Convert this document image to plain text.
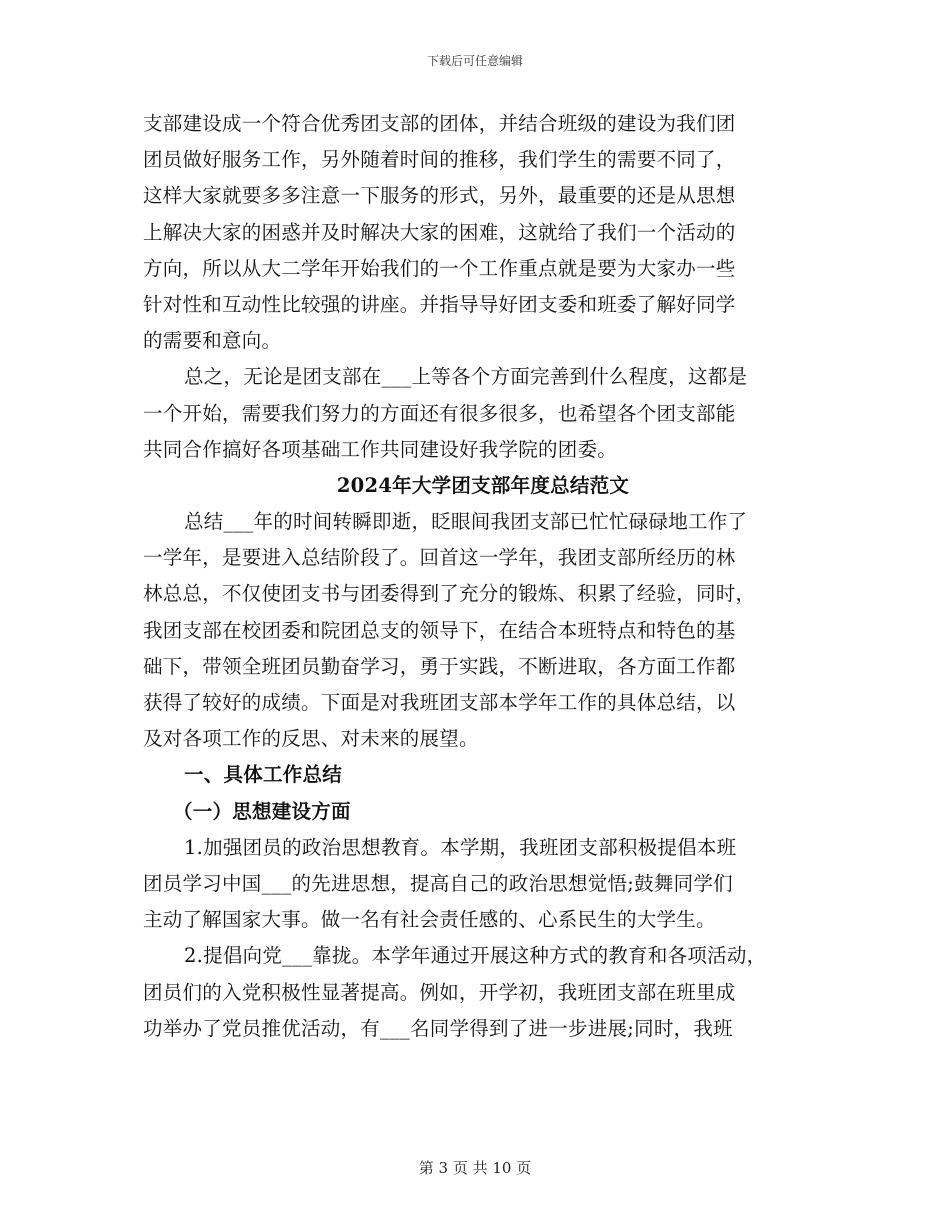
下载后可任意编辑
支部建设成一个符合优秀团支部的团体，并结合班级的建设为我们团
团员做好服务工作，另外随着时间的推移，我们学生的需要不同了，
这样大家就要多多注意一下服务的形式，另外，最重要的还是从思想
上解决大家的困惑并及时解决大家的困难，这就给了我们一个活动的
方向，所以从大二学年开始我们的一个工作重点就是要为大家办一些
针对性和互动性比较强的讲座。并指导导好团支委和班委了解好同学
的需要和意向。
总之，无论是团支部在___上等各个方面完善到什么程度，这都是
一个开始，需要我们努力的方面还有很多很多，也希望各个团支部能
共同合作搞好各项基础工作共同建设好我学院的团委。
2024年大学团支部年度总结范文
总结___年的时间转瞬即逝，眨眼间我团支部已忙忙碌碌地工作了
一学年，是要进入总结阶段了。回首这一学年，我团支部所经历的林
林总总，不仅使团支书与团委得到了充分的锻炼、积累了经验，同时，
我团支部在校团委和院团总支的领导下，在结合本班特点和特色的基
础下，带领全班团员勤奋学习，勇于实践，不断进取，各方面工作都
获得了较好的成绩。下面是对我班团支部本学年工作的具体总结，以
及对各项工作的反思、对未来的展望。
一、具体工作总结
（一）思想建设方面
1.加强团员的政治思想教育。本学期，我班团支部积极提倡本班
团员学习中国___的先进思想，提高自己的政治思想觉悟;鼓舞同学们
主动了解国家大事。做一名有社会责任感的、心系民生的大学生。
2.提倡向党___靠拢。本学年通过开展这种方式的教育和各项活动，
团员们的入党积极性显著提高。例如，开学初，我班团支部在班里成
功举办了党员推优活动，有___名同学得到了进一步进展;同时，我班
第 3 页 共 10 页
